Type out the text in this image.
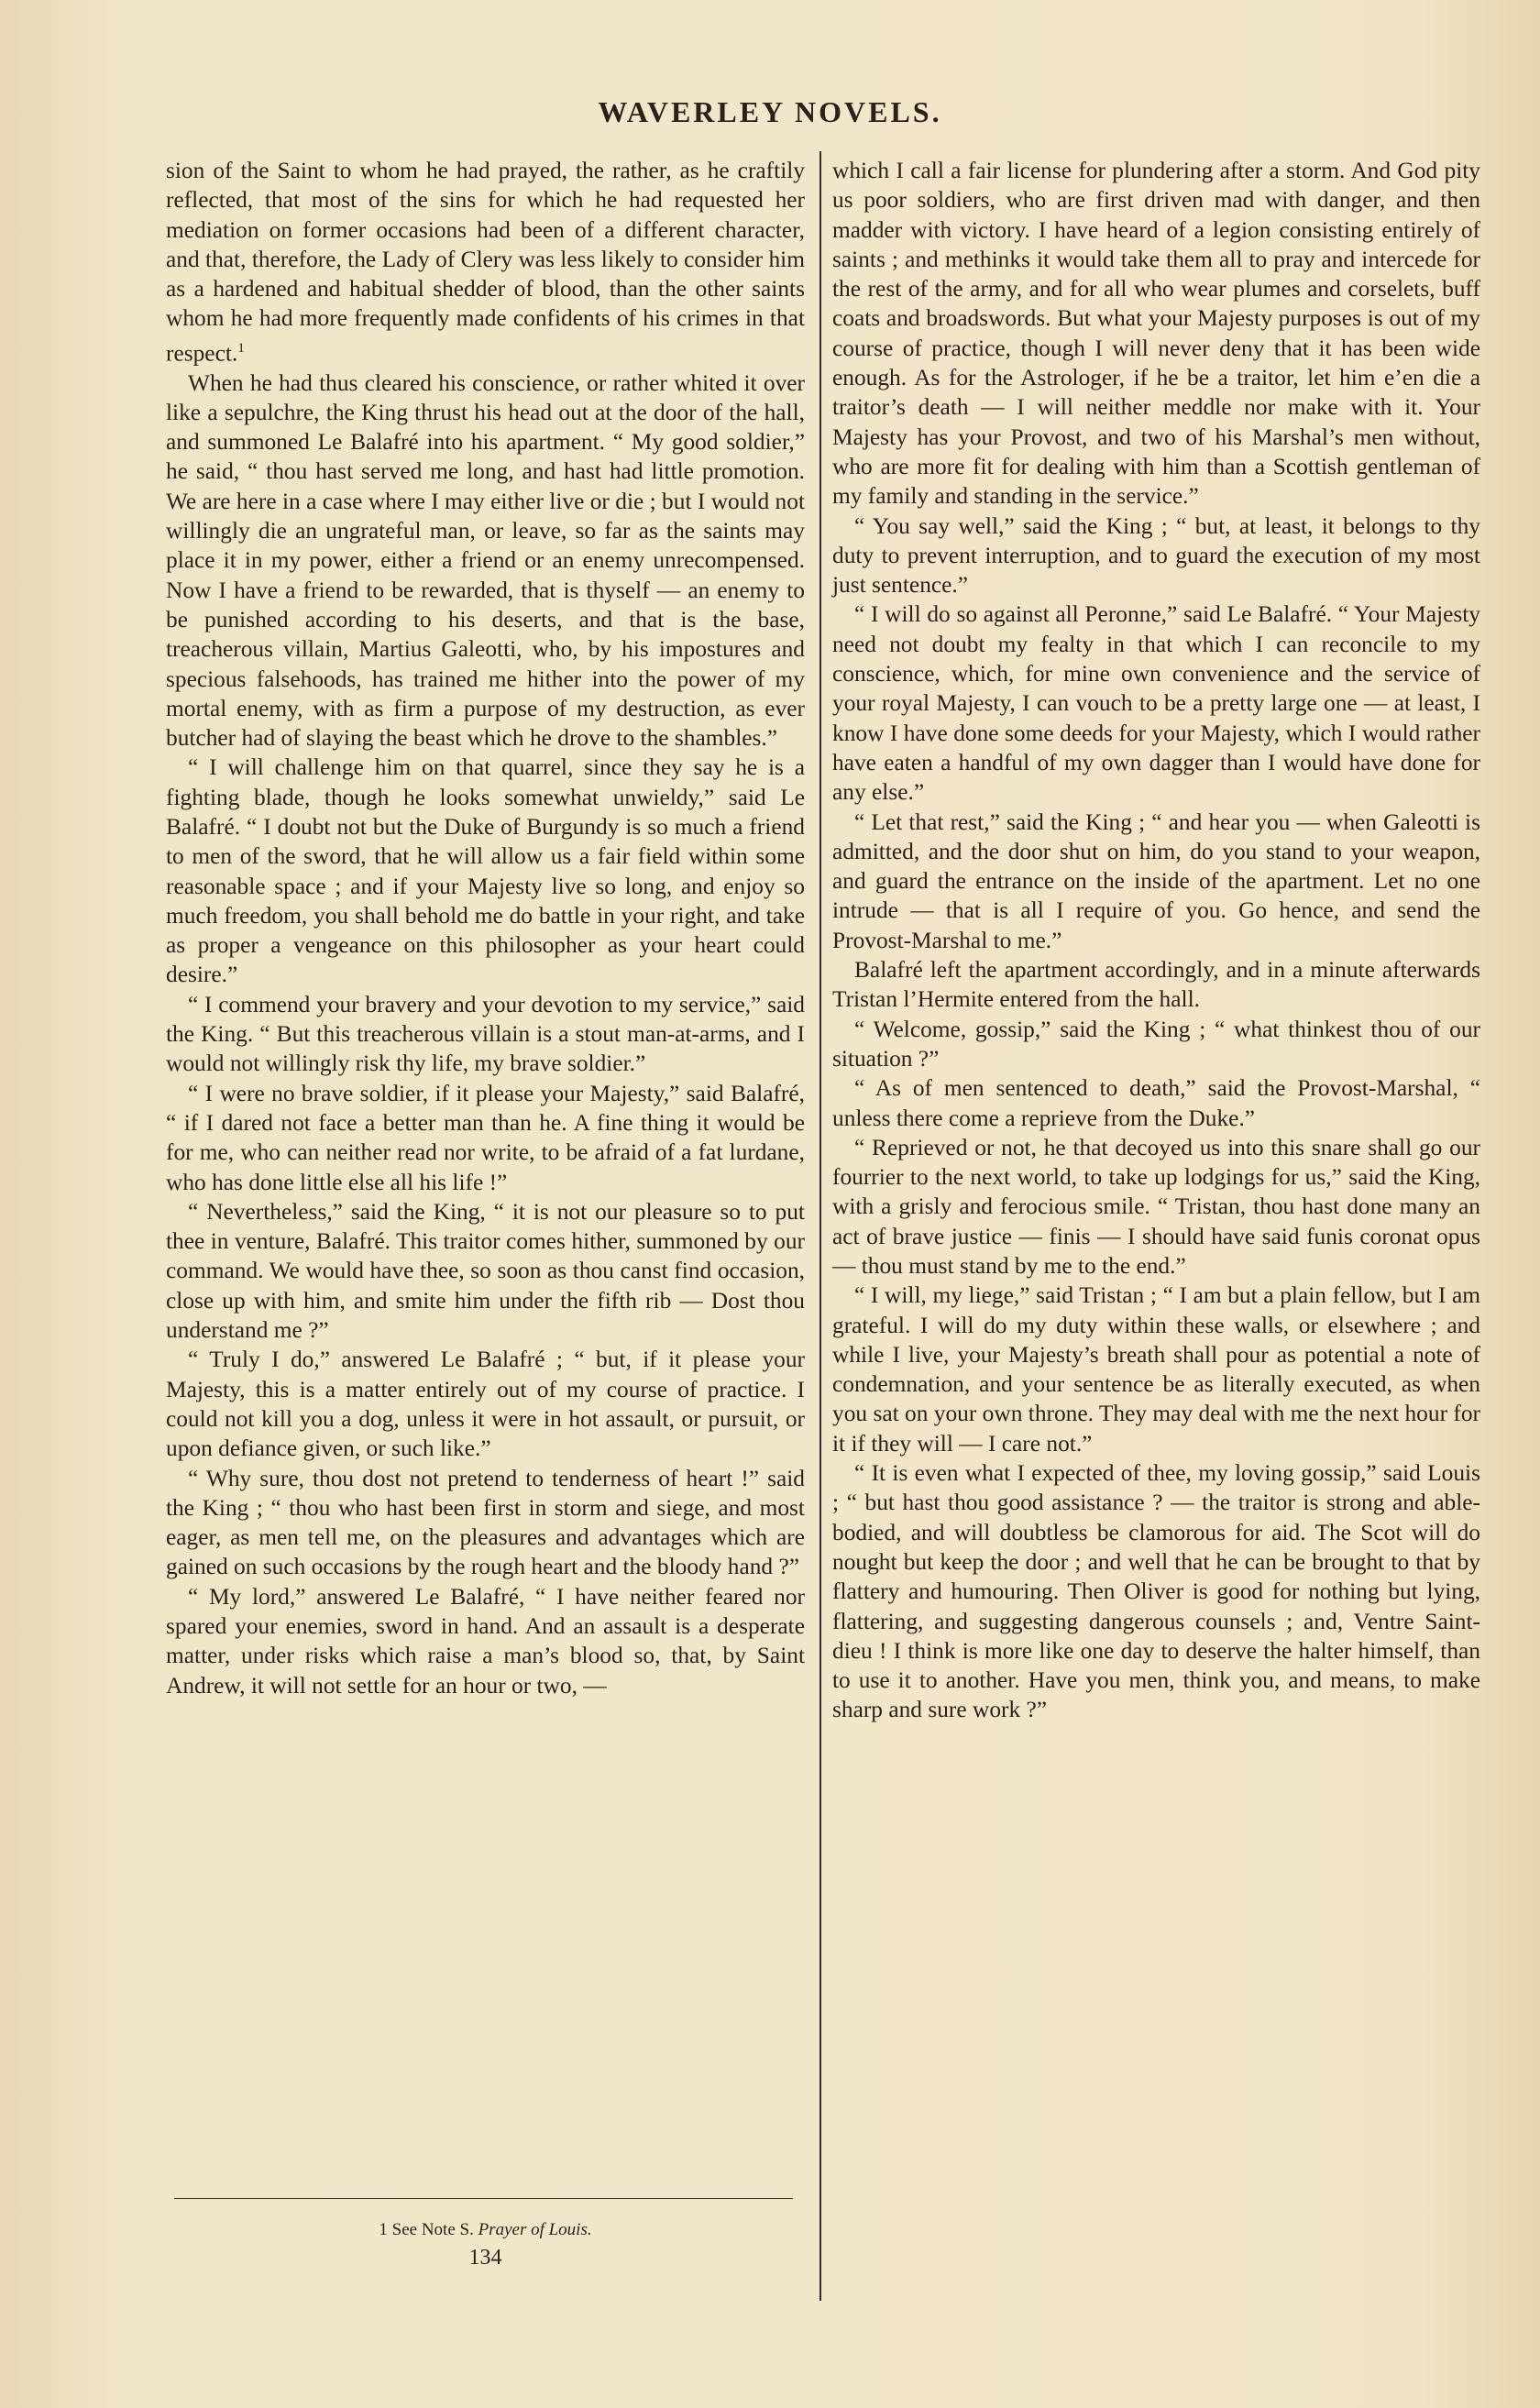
WAVERLEY NOVELS.

sion of the Saint to whom he had prayed, the rather, as he craftily reflected, that most of the sins for which he had requested her mediation on former occasions had been of a different character, and that, therefore, the Lady of Clery was less likely to consider him as a hardened and habitual shedder of blood, than the other saints whom he had more frequently made confidents of his crimes in that respect.$^1$

When he had thus cleared his conscience, or rather whited it over like a sepulchre, the King thrust his head out at the door of the hall, and summoned Le Balafré into his apartment. “ My good soldier,” he said, “ thou hast served me long, and hast had little promotion. We are here in a case where I may either live or die ; but I would not willingly die an ungrateful man, or leave, so far as the saints may place it in my power, either a friend or an enemy unrecompensed. Now I have a friend to be rewarded, that is thyself — an enemy to be punished according to his deserts, and that is the base, treacherous villain, Martius Galeotti, who, by his impostures and specious falsehoods, has trained me hither into the power of my mortal enemy, with as firm a purpose of my destruction, as ever butcher had of slaying the beast which he drove to the shambles.”

“ I will challenge him on that quarrel, since they say he is a fighting blade, though he looks somewhat unwieldy,” said Le Balafré. “ I doubt not but the Duke of Burgundy is so much a friend to men of the sword, that he will allow us a fair field within some reasonable space ; and if your Majesty live so long, and enjoy so much freedom, you shall behold me do battle in your right, and take as proper a vengeance on this philosopher as your heart could desire.”

“ I commend your bravery and your devotion to my service,” said the King. “ But this treacherous villain is a stout man-at-arms, and I would not willingly risk thy life, my brave soldier.”

“ I were no brave soldier, if it please your Majesty,” said Balafré, “ if I dared not face a better man than he. A fine thing it would be for me, who can neither read nor write, to be afraid of a fat lurdane, who has done little else all his life !”

“ Nevertheless,” said the King, “ it is not our pleasure so to put thee in venture, Balafré. This traitor comes hither, summoned by our command. We would have thee, so soon as thou canst find occasion, close up with him, and smite him under the fifth rib — Dost thou understand me ?”

“ Truly I do,” answered Le Balafré ; “ but, if it please your Majesty, this is a matter entirely out of my course of practice. I could not kill you a dog, unless it were in hot assault, or pursuit, or upon defiance given, or such like.”

“ Why sure, thou dost not pretend to tenderness of heart !” said the King ; “ thou who hast been first in storm and siege, and most eager, as men tell me, on the pleasures and advantages which are gained on such occasions by the rough heart and the bloody hand ?”

“ My lord,” answered Le Balafré, “ I have neither feared nor spared your enemies, sword in hand. And an assault is a desperate matter, under risks which raise a man’s blood so, that, by Saint Andrew, it will not settle for an hour or two, —

which I call a fair license for plundering after a storm. And God pity us poor soldiers, who are first driven mad with danger, and then madder with victory. I have heard of a legion consisting entirely of saints ; and methinks it would take them all to pray and intercede for the rest of the army, and for all who wear plumes and corselets, buff coats and broadswords. But what your Majesty purposes is out of my course of practice, though I will never deny that it has been wide enough. As for the Astrologer, if he be a traitor, let him e’en die a traitor’s death — I will neither meddle nor make with it. Your Majesty has your Provost, and two of his Marshal’s men without, who are more fit for dealing with him than a Scottish gentleman of my family and standing in the service.”

“ You say well,” said the King ; “ but, at least, it belongs to thy duty to prevent interruption, and to guard the execution of my most just sentence.”

“ I will do so against all Peronne,” said Le Balafré. “ Your Majesty need not doubt my fealty in that which I can reconcile to my conscience, which, for mine own convenience and the service of your royal Majesty, I can vouch to be a pretty large one — at least, I know I have done some deeds for your Majesty, which I would rather have eaten a handful of my own dagger than I would have done for any else.”

“ Let that rest,” said the King ; “ and hear you — when Galeotti is admitted, and the door shut on him, do you stand to your weapon, and guard the entrance on the inside of the apartment. Let no one intrude — that is all I require of you. Go hence, and send the Provost-Marshal to me.”

Balafré left the apartment accordingly, and in a minute afterwards Tristan l’Hermite entered from the hall.

“ Welcome, gossip,” said the King ; “ what thinkest thou of our situation ?”

“ As of men sentenced to death,” said the Provost-Marshal, “ unless there come a reprieve from the Duke.”

“ Reprieved or not, he that decoyed us into this snare shall go our fourrier to the next world, to take up lodgings for us,” said the King, with a grisly and ferocious smile. “ Tristan, thou hast done many an act of brave justice — finis — I should have said funis coronat opus — thou must stand by me to the end.”

“ I will, my liege,” said Tristan ; “ I am but a plain fellow, but I am grateful. I will do my duty within these walls, or elsewhere ; and while I live, your Majesty’s breath shall pour as potential a note of condemnation, and your sentence be as literally executed, as when you sat on your own throne. They may deal with me the next hour for it if they will — I care not.”

“ It is even what I expected of thee, my loving gossip,” said Louis ; “ but hast thou good assistance ? — the traitor is strong and able-bodied, and will doubtless be clamorous for aid. The Scot will do nought but keep the door ; and well that he can be brought to that by flattery and humouring. Then Oliver is good for nothing but lying, flattering, and suggesting dangerous counsels ; and, Ventre Saint-dieu ! I think is more like one day to deserve the halter himself, than to use it to another. Have you men, think you, and means, to make sharp and sure work ?”

1 See Note S. Prayer of Louis.
134
